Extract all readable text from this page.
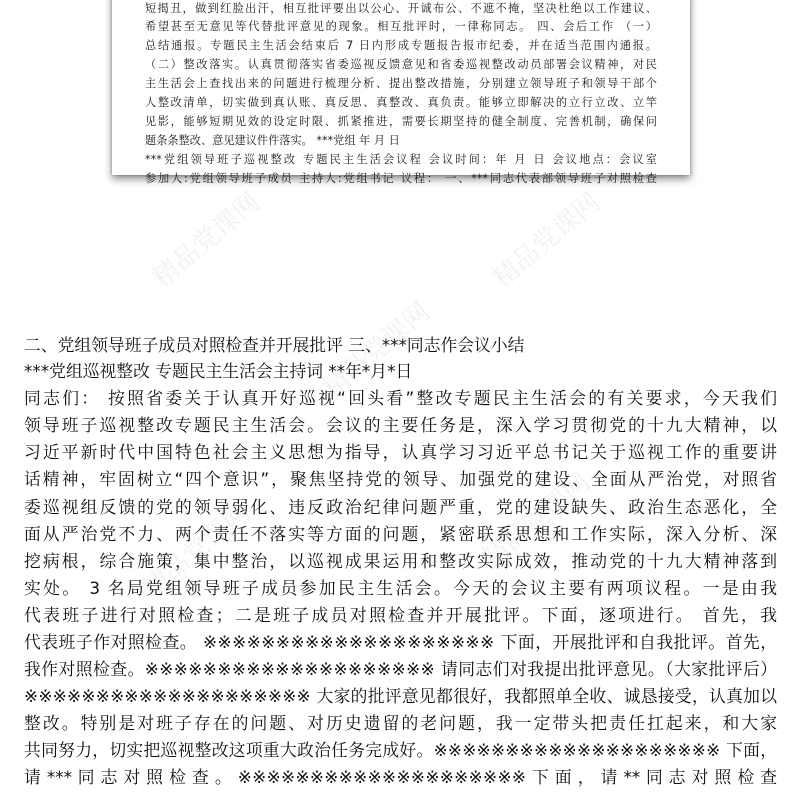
短揭丑，做到红脸出汗，相互批评要出以公心、开诚布公、不遮不掩，坚决杜绝以工作建议、
希望甚至无意见等代替批评意见的现象。相互批评时，一律称同志。 四、会后工作 （一）
总结通报。专题民主生活会结束后 7 日内形成专题报告报市纪委，并在适当范围内通报。
（二）整改落实。认真贯彻落实省委巡视反馈意见和省委巡视整改动员部署会议精神，对民
主生活会上查找出来的问题进行梳理分析、提出整改措施，分别建立领导班子和领导干部个
人整改清单，切实做到真认账、真反思、真整改、真负责。能够立即解决的立行立改、立竿
见影，能够短期见效的设定时限、抓紧推进，需要长期坚持的健全制度、完善机制，确保问
题条条整改、意见建议件件落实。 ***党组 年 月 日
***党组领导班子巡视整改 专题民主生活会议程 会议时间：年 月 日 会议地点：会议室
参加人:党组领导班子成员 主持人:党组书记 议程： 一、***同志代表部领导班子对照检查
精品党课网	精品党课网
精品党课网
精品党课网	精品党课网
二、党组领导班子成员对照检查并开展批评 三、***同志作会议小结
***党组巡视整改 专题民主生活会主持词 **年*月*日
同志们： 按照省委关于认真开好巡视“回头看”整改专题民主生活会的有关要求，今天我们
领导班子巡视整改专题民主生活会。会议的主要任务是，深入学习贯彻党的十九大精神，以
习近平新时代中国特色社会主义思想为指导，认真学习习近平总书记关于巡视工作的重要讲
话精神，牢固树立“四个意识”，聚焦坚持党的领导、加强党的建设、全面从严治党，对照省
委巡视组反馈的党的领导弱化、违反政治纪律问题严重，党的建设缺失、政治生态恶化，全
面从严治党不力、两个责任不落实等方面的问题，紧密联系思想和工作实际，深入分析、深
挖病根，综合施策，集中整治，以巡视成果运用和整改实际成效，推动党的十九大精神落到
实处。 3 名局党组领导班子成员参加民主生活会。今天的会议主要有两项议程。一是由我
代表班子进行对照检查；二是班子成员对照检查并开展批评。下面，逐项进行。 首先，我
代表班子作对照检查。 ※※※※※※※※※※※※※※※※※※※※ 下面，开展批评和自我批评。首先，
我作对照检查。※※※※※※※※※※※※※※※※※※※※ 请同志们对我提出批评意见。（大家批评后）
※※※※※※※※※※※※※※※※※※※※ 大家的批评意见都很好，我都照单全收、诚恳接受，认真加以
整改。特别是对班子存在的问题、对历史遗留的老问题，我一定带头把责任扛起来，和大家
共同努力，切实把巡视整改这项重大政治任务完成好。※※※※※※※※※※※※※※※※※※※※ 下面，
请 *** 同 志 对 照 检 查 。 ※※※※※※※※※※※※※※※※※※※※ 下 面 ， 请 ** 同 志 对 照 检 查
